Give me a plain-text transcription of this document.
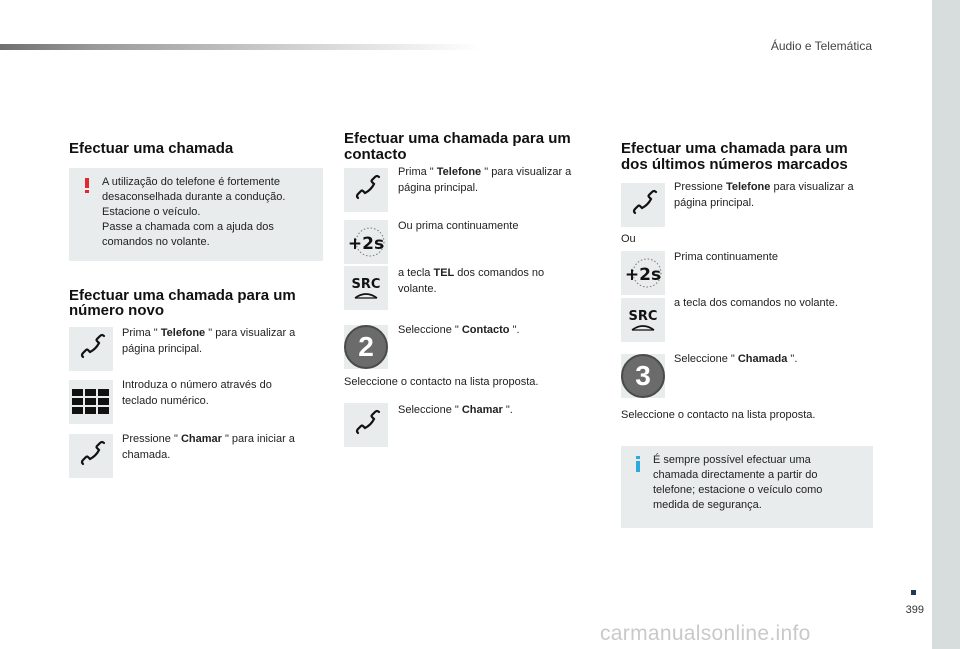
Áudio e Telemática
399
carmanualsonline.info
Efectuar uma chamada
A utilização do telefone é fortemente
desaconselhada durante a condução.
Estacione o veículo.
Passe a chamada com a ajuda dos
comandos no volante.
Efectuar uma chamada para um
número novo
Prima " Telefone " para visualizar a
página principal.
Introduza o número através do
teclado numérico.
Pressione " Chamar " para iniciar a
chamada.
Efectuar uma chamada para um
contacto
Prima " Telefone " para visualizar a
página principal.
+2s
Ou prima continuamente
SRC
a tecla TEL dos comandos no
volante.
2
Seleccione " Contacto ".
Seleccione o contacto na lista proposta.
Seleccione " Chamar ".
Efectuar uma chamada para um
dos últimos números marcados
Pressione Telefone para visualizar a
página principal.
Ou
+2s
Prima continuamente
SRC
a tecla dos comandos no volante.
3
Seleccione " Chamada ".
Seleccione o contacto na lista proposta.
É sempre possível efectuar uma
chamada directamente a partir do
telefone; estacione o veículo como
medida de segurança.
